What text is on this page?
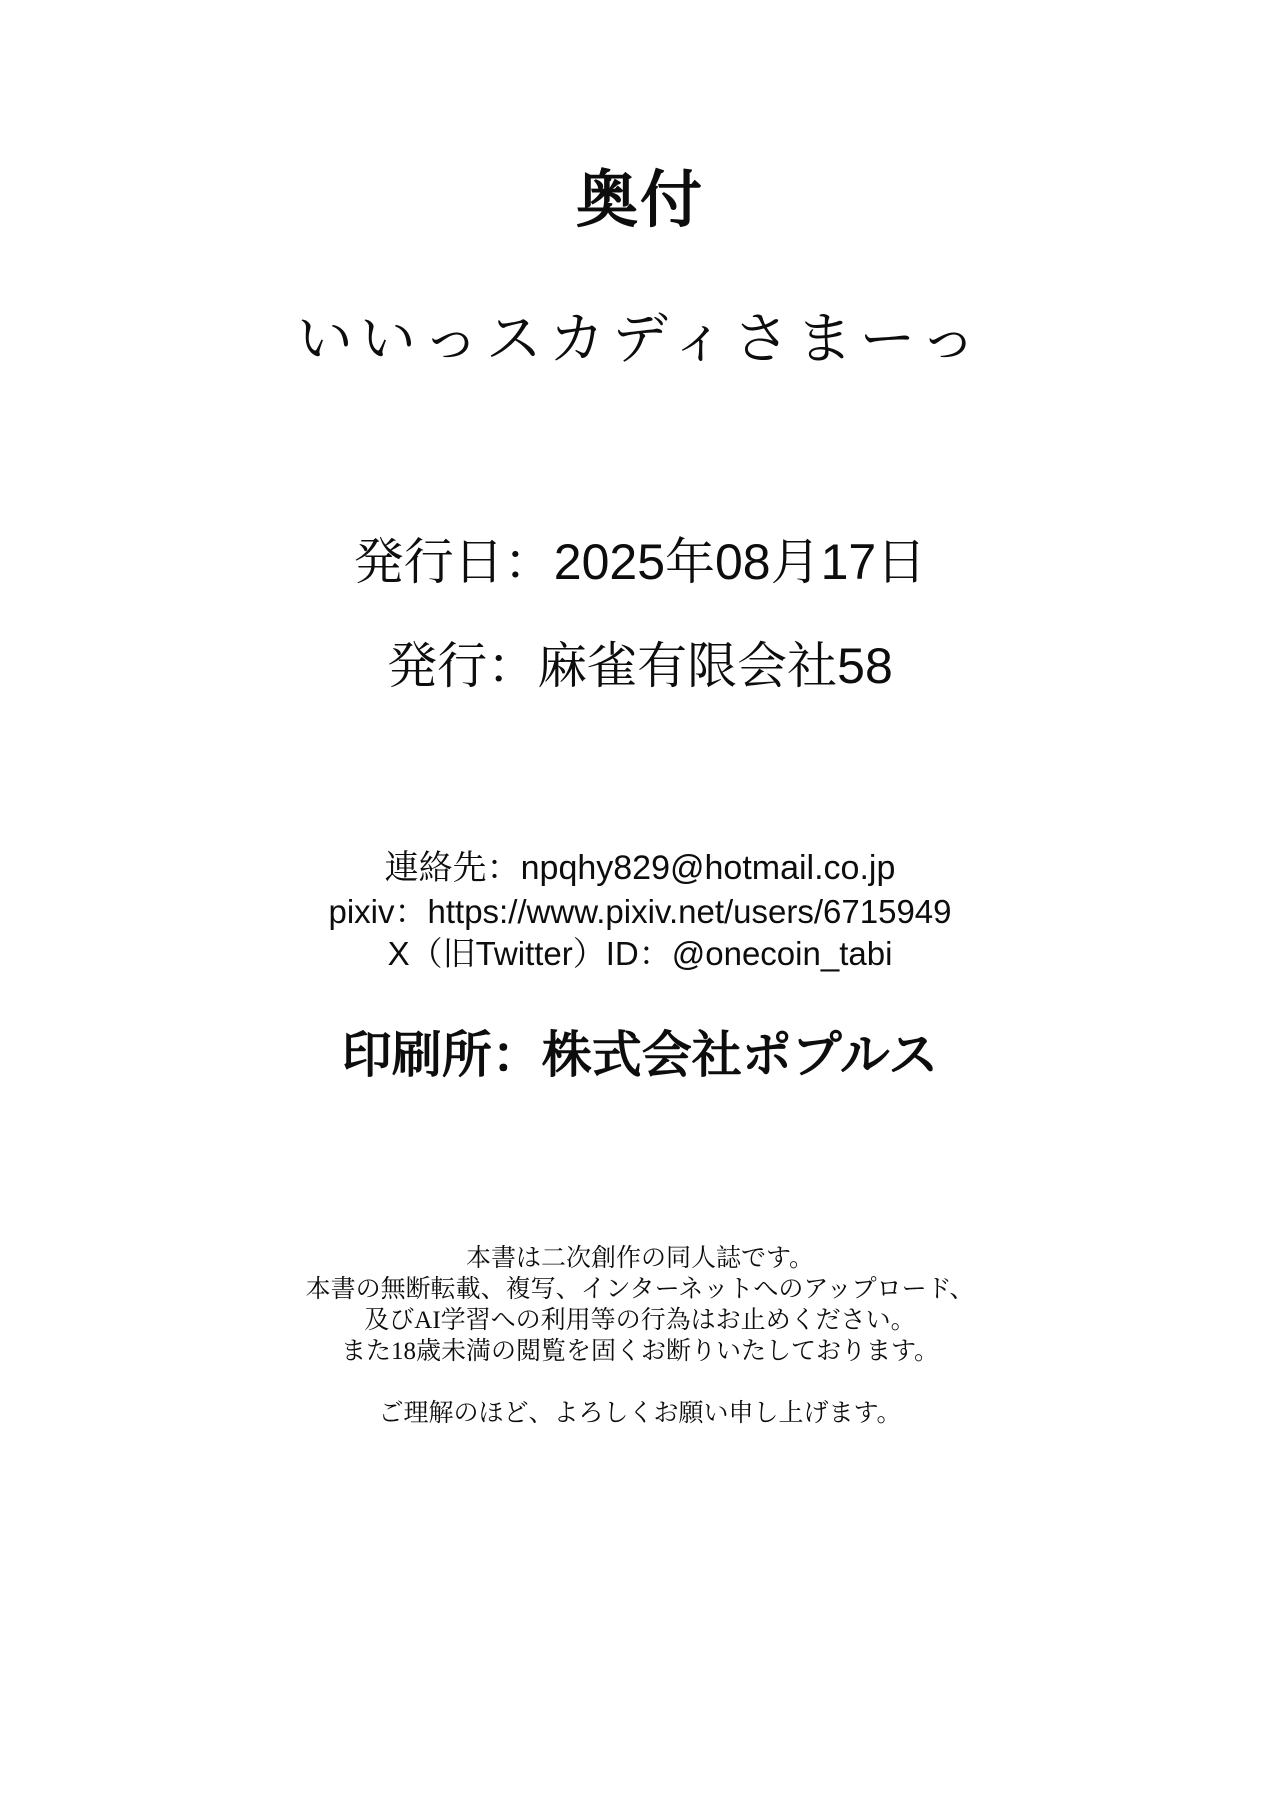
奥付
いいっスカディさまーっ
発行日：2025年08月17日
発行：麻雀有限会社58
連絡先：npqhy829@hotmail.co.jp
pixiv：https://www.pixiv.net/users/6715949
X（旧Twitter）ID：@onecoin_tabi
印刷所：株式会社ポプルス
本書は二次創作の同人誌です。
本書の無断転載、複写、インターネットへのアップロード、
及びAI学習への利用等の行為はお止めください。
また18歳未満の閲覧を固くお断りいたしております。
ご理解のほど、よろしくお願い申し上げます。
